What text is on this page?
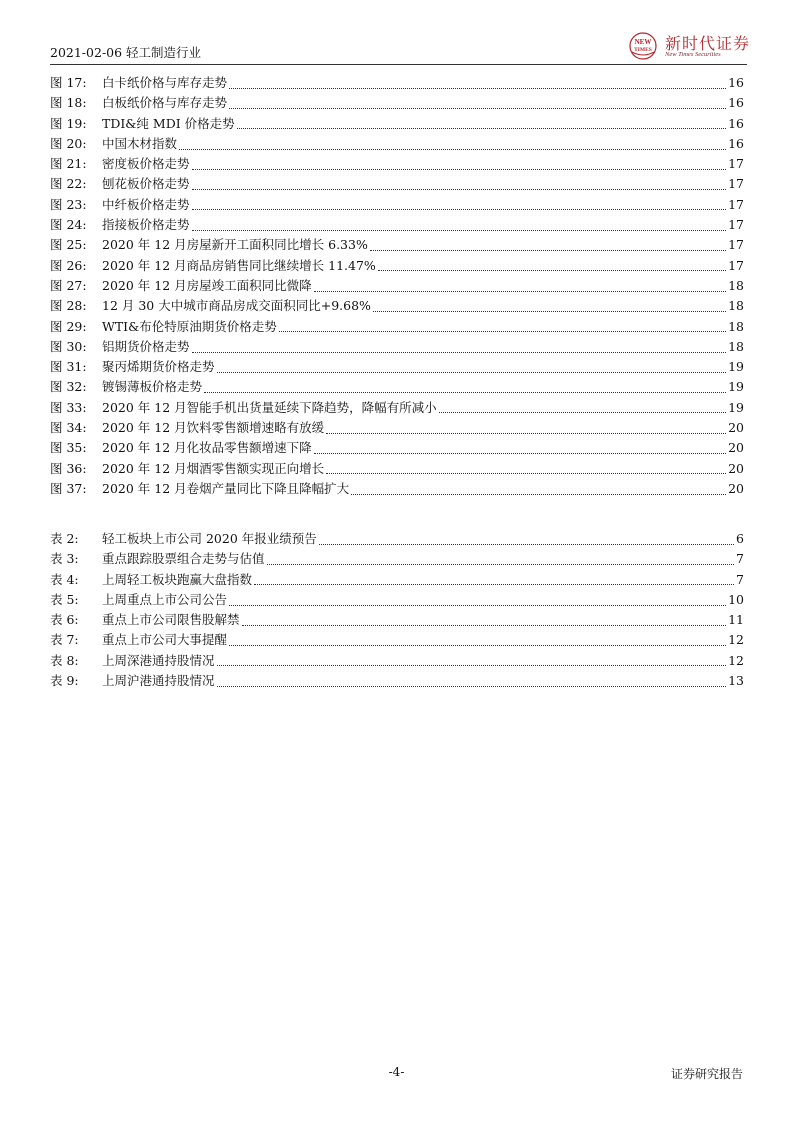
2021-02-06 轻工制造行业
NEW
TIMES 新时代证券
New Times Securities
图 17:	白卡纸价格与库存走势	16
图 18:	白板纸价格与库存走势	16
图 19:	TDI&纯 MDI 价格走势	16
图 20:	中国木材指数	16
图 21:	密度板价格走势	17
图 22:	刨花板价格走势	17
图 23:	中纤板价格走势	17
图 24:	指接板价格走势	17
图 25:	2020 年 12 月房屋新开工面积同比增长 6.33%	17
图 26:	2020 年 12 月商品房销售同比继续增长 11.47%	17
图 27:	2020 年 12 月房屋竣工面积同比微降	18
图 28:	12 月 30 大中城市商品房成交面积同比+9.68%	18
图 29:	WTI&布伦特原油期货价格走势	18
图 30:	铝期货价格走势	18
图 31:	聚丙烯期货价格走势	19
图 32:	镀锡薄板价格走势	19
图 33:	2020 年 12 月智能手机出货量延续下降趋势，降幅有所减小	19
图 34:	2020 年 12 月饮料零售额增速略有放缓	20
图 35:	2020 年 12 月化妆品零售额增速下降	20
图 36:	2020 年 12 月烟酒零售额实现正向增长	20
图 37:	2020 年 12 月卷烟产量同比下降且降幅扩大	20
表 2:	轻工板块上市公司 2020 年报业绩预告	6
表 3:	重点跟踪股票组合走势与估值	7
表 4:	上周轻工板块跑赢大盘指数	7
表 5:	上周重点上市公司公告	10
表 6:	重点上市公司限售股解禁	11
表 7:	重点上市公司大事提醒	12
表 8:	上周深港通持股情况	12
表 9:	上周沪港通持股情况	13
-4-	证券研究报告
